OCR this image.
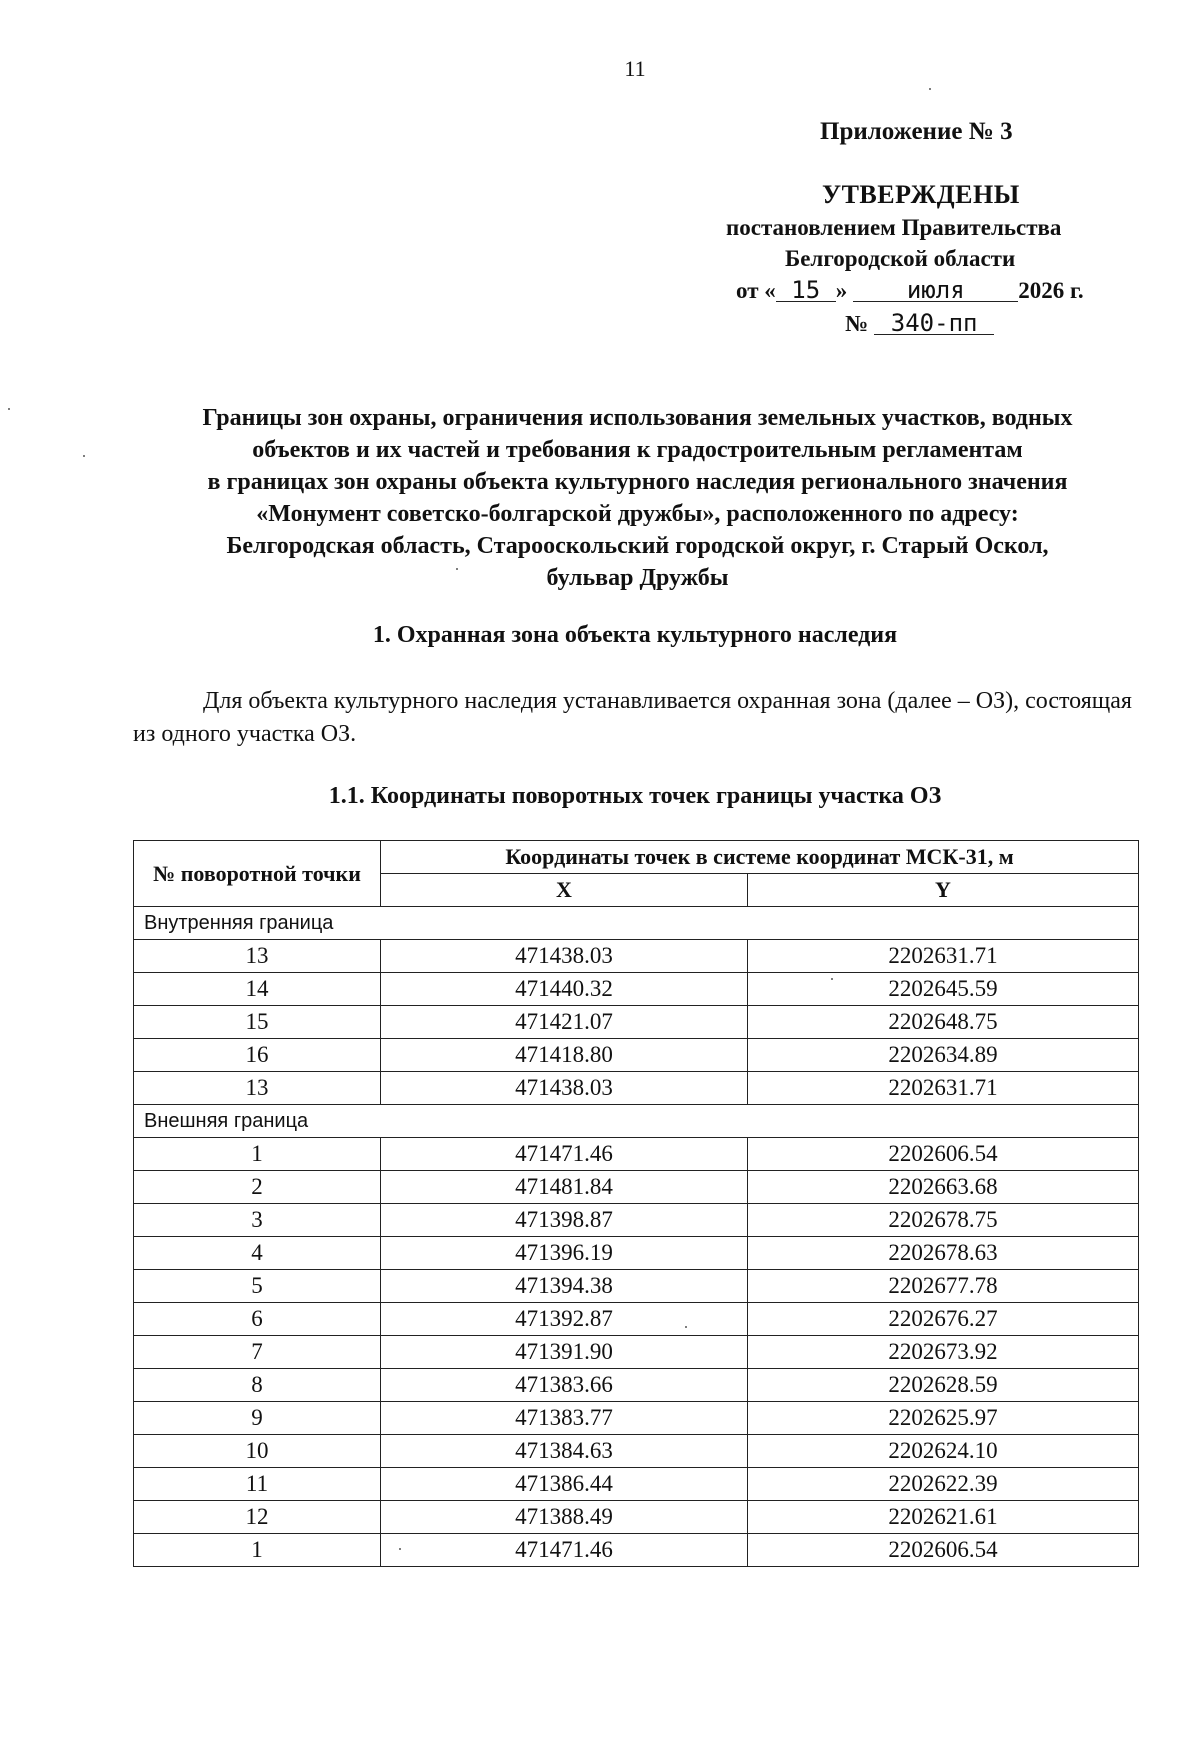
11
Приложение № 3
УТВЕРЖДЕНЫ
постановлением Правительства
Белгородской области
от « 15 » июля 2026 г.
№ 340-пп
Границы зон охраны, ограничения использования земельных участков, водных
объектов и их частей и требования к градостроительным регламентам
в границах зон охраны объекта культурного наследия регионального значения
«Монумент советско-болгарской дружбы», расположенного по адресу:
Белгородская область, Старооскольский городской округ, г. Старый Оскол,
бульвар Дружбы
1. Охранная зона объекта культурного наследия
Для объекта культурного наследия устанавливается охранная зона (далее – ОЗ), состоящая из одного участка ОЗ.
1.1. Координаты поворотных точек границы участка ОЗ
№ поворотной точки	Координаты точек в системе координат МСК-31, м	
	X	Y
Внутренняя граница		
13	471438.03	2202631.71
14	471440.32	2202645.59
15	471421.07	2202648.75
16	471418.80	2202634.89
13	471438.03	2202631.71
Внешняя граница		
1	471471.46	2202606.54
2	471481.84	2202663.68
3	471398.87	2202678.75
4	471396.19	2202678.63
5	471394.38	2202677.78
6	471392.87	2202676.27
7	471391.90	2202673.92
8	471383.66	2202628.59
9	471383.77	2202625.97
10	471384.63	2202624.10
11	471386.44	2202622.39
12	471388.49	2202621.61
1	471471.46	2202606.54
